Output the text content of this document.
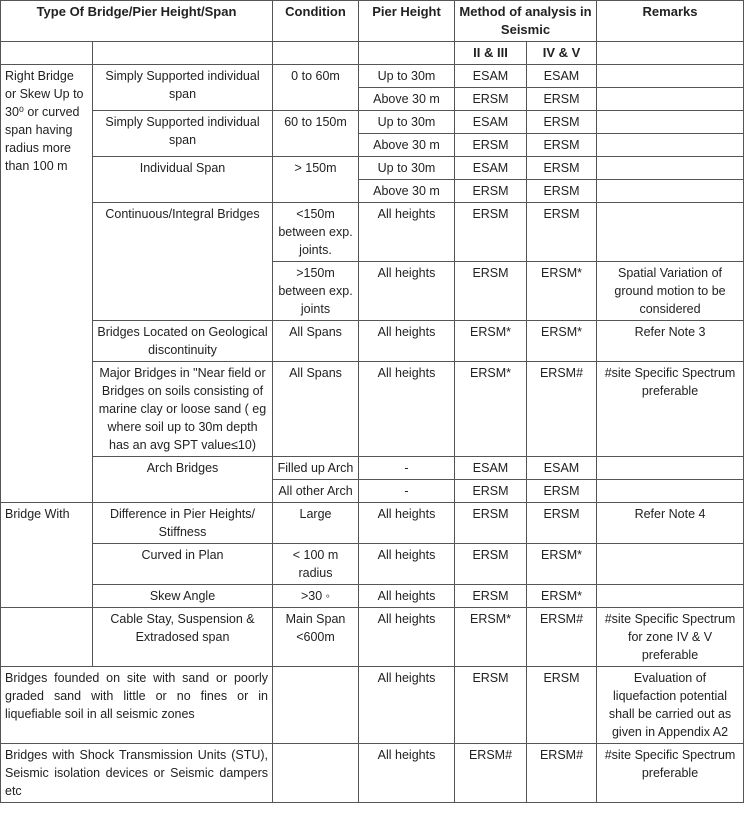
Type Of Bridge/Pier Height/Span		Condition	Pier Height	Method of analysis in Seismic		Remarks
				II & III	IV & V	
Right Bridge or Skew Up to 30⁰ or curved span having radius more than 100 m	Simply Supported individual span	0 to 60m	Up to 30m	ESAM	ESAM	
			Above 30 m	ERSM	ERSM	
	Simply Supported individual span	60 to 150m	Up to 30m	ESAM	ERSM	
			Above 30 m	ERSM	ERSM	
	Individual Span	> 150m	Up to 30m	ESAM	ERSM	
			Above 30 m	ERSM	ERSM	
	Continuous/Integral Bridges	<150m between exp. joints.	All heights	ERSM	ERSM	
		>150m between exp. joints	All heights	ERSM	ERSM*	Spatial Variation of ground motion to be considered
	Bridges Located on Geological discontinuity	All Spans	All heights	ERSM*	ERSM*	Refer Note 3
	Major Bridges in "Near field or Bridges on soils consisting of marine clay or loose sand ( eg where soil up to 30m depth has an avg SPT value≤10)	All Spans	All heights	ERSM*	ERSM#	#site Specific Spectrum preferable
	Arch Bridges	Filled up Arch	-	ESAM	ESAM	
		All other Arch	-	ERSM	ERSM	
Bridge With	Difference in Pier Heights/ Stiffness	Large	All heights	ERSM	ERSM	Refer Note 4
	Curved in Plan	< 100 m radius	All heights	ERSM	ERSM*	
	Skew Angle	>30 ◦	All heights	ERSM	ERSM*	
	Cable Stay, Suspension & Extradosed span	Main Span <600m	All heights	ERSM*	ERSM#	#site Specific Spectrum for zone IV & V preferable
Bridges founded on site with sand or poorly graded sand with little or no fines or in liquefiable soil in all seismic zones			All heights	ERSM	ERSM	Evaluation of liquefaction potential shall be carried out as given in Appendix A2
Bridges with Shock Transmission Units (STU), Seismic isolation devices or Seismic dampers etc			All heights	ERSM#	ERSM#	#site Specific Spectrum preferable
